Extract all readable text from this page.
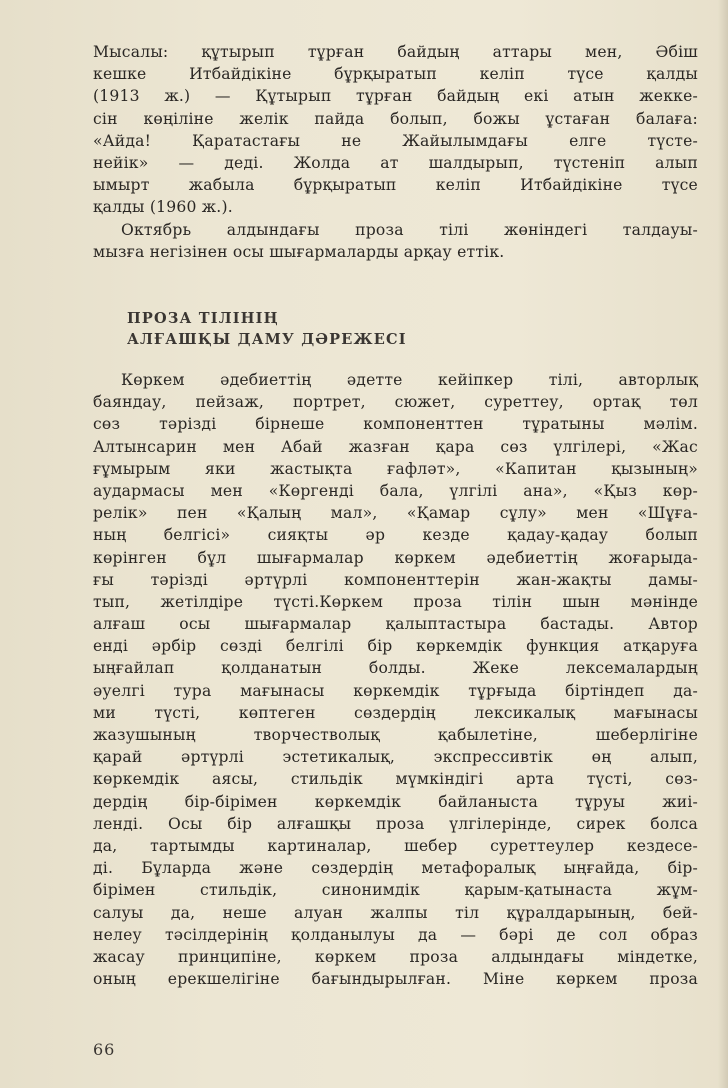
Мысалы: құтырып тұрған байдың аттары мен, Әбіш
кешке Итбайдікіне бұрқыратып келіп түсе қалды
(1913 ж.) — Құтырып тұрған байдың екі атын жекке-
сін көңіліне желік пайда болып, божы ұстаған балаға:
«Айда! Қаратастағы не Жайылымдағы елге түсте-
нейік» — деді. Жолда ат шалдырып, түстеніп алып
ымырт жабыла бұрқыратып келіп Итбайдікіне түсе
қалды (1960 ж.).
Октябрь алдындағы проза тілі жөніндегі талдауы-
мызға негізінен осы шығармаларды арқау еттік.
ПРОЗА ТІЛІНІҢ
АЛҒАШҚЫ ДАМУ ДӘРЕЖЕСІ
Көркем әдебиеттің әдетте кейіпкер тілі, авторлық
баяндау, пейзаж, портрет, сюжет, суреттеу, ортақ төл
сөз тәрізді бірнеше компоненттен тұратыны мәлім.
Алтынсарин мен Абай жазған қара сөз үлгілері, «Жас
ғұмырым яки жастықта ғафләт», «Капитан қызының»
аудармасы мен «Көргенді бала, үлгілі ана», «Қыз көр-
релік» пен «Қалың мал», «Қамар сұлу» мен «Шұға-
ның белгісі» сияқты әр кезде қадау-қадау болып
көрінген бұл шығармалар көркем әдебиеттің жоғарыда-
ғы тәрізді әртүрлі компоненттерін жан-жақты дамы-
тып, жетілдіре түсті.Көркем проза тілін шын мәнінде
алғаш осы шығармалар қалыптастыра бастады. Автор
енді әрбір сөзді белгілі бір көркемдік функция атқаруға
ыңғайлап қолданатын болды. Жеке лексемалардың
әуелгі тура мағынасы көркемдік тұрғыда біртіндеп да-
ми түсті, көптеген сөздердің лексикалық мағынасы
жазушының творчестволық қабылетіне, шеберлігіне
қарай әртүрлі эстетикалық, экспрессивтік өң алып,
көркемдік аясы, стильдік мүмкіндігі арта түсті, сөз-
дердің бір-бірімен көркемдік байланыста тұруы жиі-
ленді. Осы бір алғашқы проза үлгілерінде, сирек болса
да, тартымды картиналар, шебер суреттеулер кездесе-
ді. Бұларда және сөздердің метафоралық ыңғайда, бір-
бірімен стильдік, синонимдік қарым-қатынаста жұм-
салуы да, неше алуан жалпы тіл құралдарының, бей-
нелеу тәсілдерінің қолданылуы да — бәрі де сол образ
жасау принципіне, көркем проза алдындағы міндетке,
оның ерекшелігіне бағындырылған. Міне көркем проза
66
